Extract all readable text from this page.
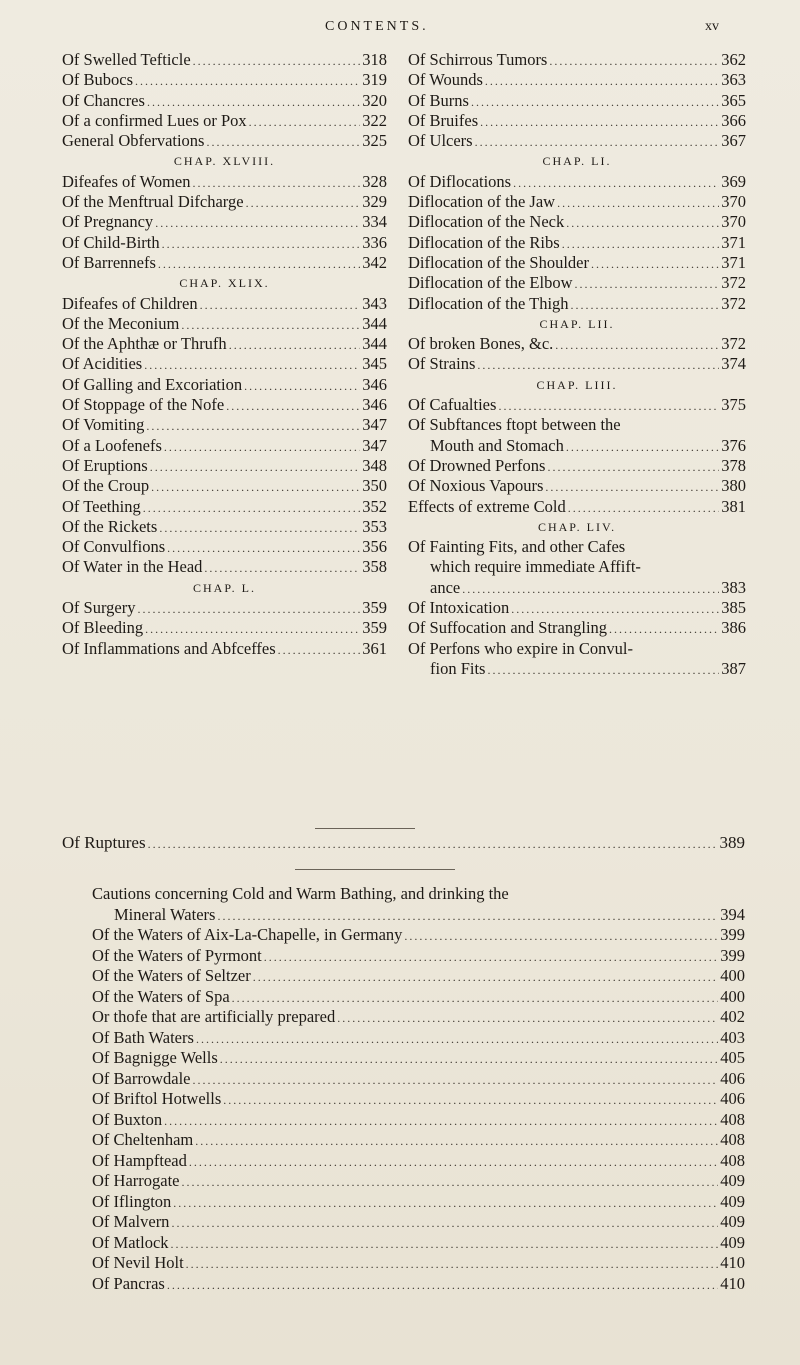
CONTENTS.	xv
Of Swelled Tefticle .....	318
Of Bubocs .....	319
Of Chancres .....	320
Of a confirmed Lues or Pox .....	322
General Obfervations .....	325
CHAP. XLVIII.
Difeafes of Women .....	328
Of the Menftrual Difcharge .....	329
Of Pregnancy .....	334
Of Child-Birth .....	336
Of Barrennefs .....	342
CHAP. XLIX.
Difeafes of Children .....	343
Of the Meconium .....	344
Of the Aphthæ or Thrufh .....	344
Of Acidities .....	345
Of Galling and Excoriation .....	346
Of Stoppage of the Nofe .....	346
Of Vomiting .....	347
Of a Loofenefs .....	347
Of Eruptions .....	348
Of the Croup .....	350
Of Teething .....	352
Of the Rickets .....	353
Of Convulfions .....	356
Of Water in the Head .....	358
CHAP. L.
Of Surgery .....	359
Of Bleeding .....	359
Of Inflammations and Abfceffes .....	361
Of Schirrous Tumors .....	362
Of Wounds .....	363
Of Burns .....	365
Of Bruifes .....	366
Of Ulcers .....	367
CHAP. LI.
Of Diflocations .....	369
Diflocation of the Jaw .....	370
Diflocation of the Neck .....	370
Diflocation of the Ribs .....	371
Diflocation of the Shoulder .....	371
Diflocation of the Elbow .....	372
Diflocation of the Thigh .....	372
CHAP. LII.
Of broken Bones, &c. .....	372
Of Strains .....	374
CHAP. LIII.
Of Cafualties .....	375
Of Subftances ftopt between the
Mouth and Stomach .....	376
Of Drowned Perfons .....	378
Of Noxious Vapours .....	380
Effects of extreme Cold .....	381
CHAP. LIV.
Of Fainting Fits, and other Cafes
which require immediate Affift-
ance .....	383
Of Intoxication .....	385
Of Suffocation and Strangling .....	386
Of Perfons who expire in Convul-
fion Fits .....	387
Of Ruptures .....	389
Cautions concerning Cold and Warm Bathing, and drinking the
Mineral Waters .....	394
Of the Waters of Aix-La-Chapelle, in Germany .....	399
Of the Waters of Pyrmont .....	399
Of the Waters of Seltzer .....	400
Of the Waters of Spa .....	400
Or thofe that are artificially prepared .....	402
Of Bath Waters .....	403
Of Bagnigge Wells .....	405
Of Barrowdale .....	406
Of Briftol Hotwells .....	406
Of Buxton .....	408
Of Cheltenham .....	408
Of Hampftead .....	408
Of Harrogate .....	409
Of Iflington .....	409
Of Malvern .....	409
Of Matlock .....	409
Of Nevil Holt .....	410
Of Pancras .....	410
